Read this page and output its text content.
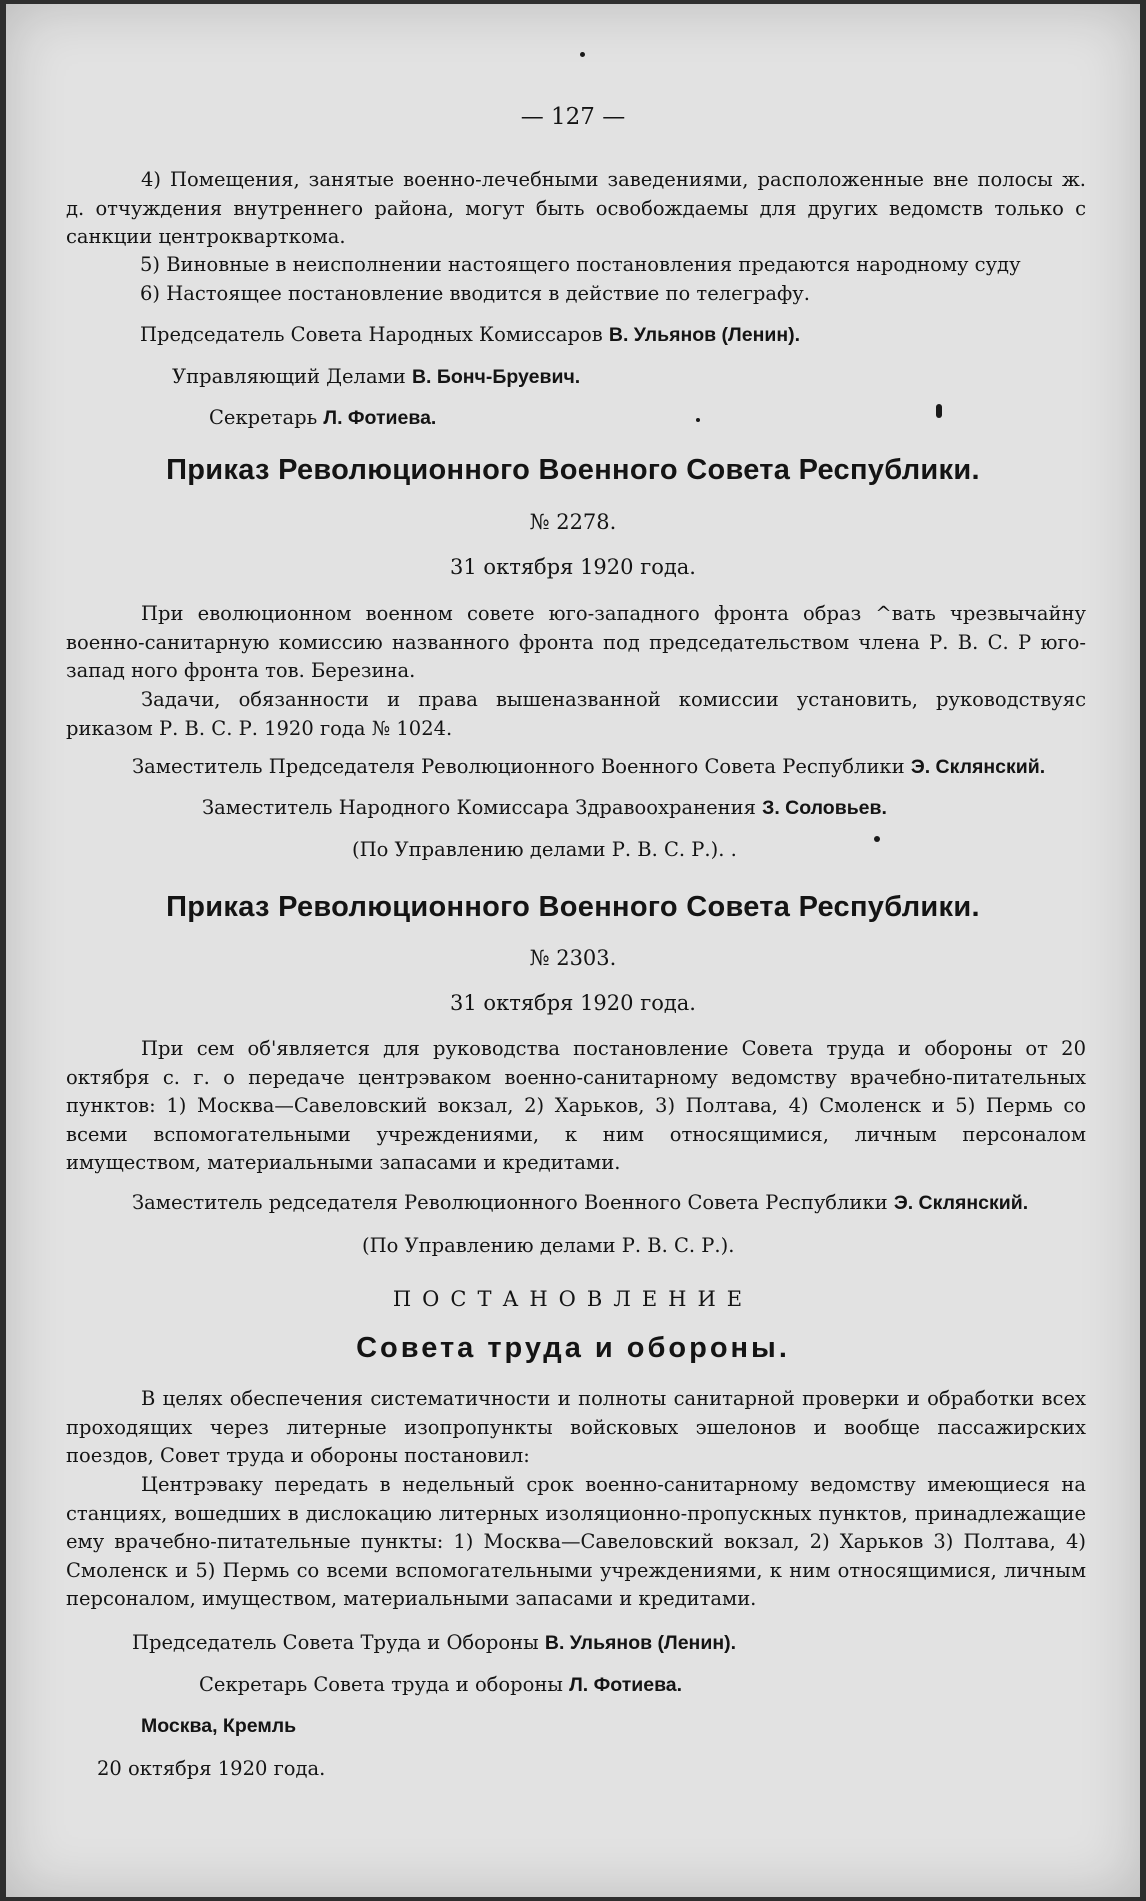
— 127 —

4) Помещения, занятые военно-лечебными заведениями, расположенные вне полосы ж. д. отчуждения внутреннего района, могут быть освобождаемы для других ведомств только с санкции центрокварткома.

5) Виновные в неисполнении настоящего постановления предаются народному суду
6) Настоящее постановление вводится в действие по телеграфу.
Председатель Совета Народных Комиссаров В. Ульянов (Ленин).
Управляющий Делами В. Бонч-Бруевич.
Секретарь Л. Фотиева.
Приказ Революционного Военного Совета Республики.
№ 2278.
31 октября 1920 года.

При еволюционном военном совете юго-западного фронта образ ^вать чрезвычайну военно-санитарную комиссию названного фронта под председательством члена Р. В. С. Р юго-запад ного фронта тов. Березина.

Задачи, обязанности и права вышеназванной комиссии установить, руководствуяс риказом Р. В. С. Р. 1920 года № 1024.

Заместитель Председателя Революционного Военного Совета Республики Э. Склянский.
Заместитель Народного Комиссара Здравоохранения З. Соловьев.
(По Управлению делами Р. В. С. Р.). .
Приказ Революционного Военного Совета Республики.
№ 2303.
31 октября 1920 года.

При сем об'является для руководства постановление Совета труда и обороны от 20 октября с. г. о передаче центрэваком военно-санитарному ведомству врачебно-питательных пунктов: 1) Москва—Савеловский вокзал, 2) Харьков, 3) Полтава, 4) Смоленск и 5) Пермь со всеми вспомогательными учреждениями, к ним относящимися, личным персоналом имуществом, материальными запасами и кредитами.

Заместитель редседателя Революционного Военного Совета Республики Э. Склянский.
(По Управлению делами Р. В. С. Р.).
ПОСТАНОВЛЕНИЕ
Совета труда и обороны.

В целях обеспечения систематичности и полноты санитарной проверки и обработки всех проходящих через литерные изопропункты войсковых эшелонов и вообще пассажирских поездов, Совет труда и обороны постановил:

Центрэваку передать в недельный срок военно-санитарному ведомству имеющиеся на станциях, вошедших в дислокацию литерных изоляционно-пропускных пунктов, принадлежащие ему врачебно-питательные пункты: 1) Москва—Савеловский вокзал, 2) Харьков 3) Полтава, 4) Смоленск и 5) Пермь со всеми вспомогательными учреждениями, к ним относящимися, личным персоналом, имуществом, материальными запасами и кредитами.

Председатель Совета Труда и Обороны В. Ульянов (Ленин).
Секретарь Совета труда и обороны Л. Фотиева.
Москва, Кремль
20 октября 1920 года.
